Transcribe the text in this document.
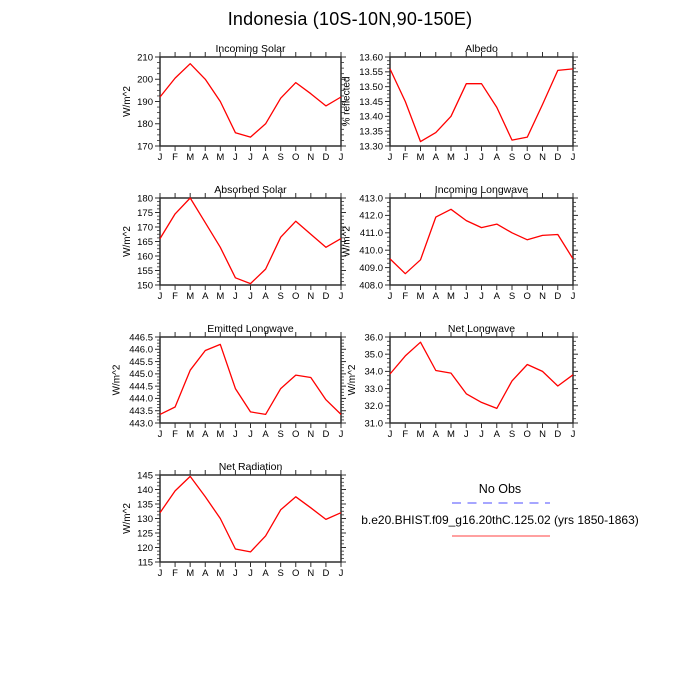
Indonesia (10S-10N,90-150E)
J F M A M J J A S O N D J
170
180
190
200
210
Incoming Solar
W/m^2
J F M A M J J A S O N D J
13.30
13.35
13.40
13.45
13.50
13.55
13.60
Albedo
% reflected
J F M A M J J A S O N D J
150
155
160
165
170
175
180
Absorbed Solar
W/m^2
J F M A M J J A S O N D J
408.0
409.0
410.0
411.0
412.0
413.0
Incoming Longwave
W/m^2
J F M A M J J A S O N D J
443.0
443.5
444.0
444.5
445.0
445.5
446.0
446.5
Emitted Longwave
W/m^2
J F M A M J J A S O N D J
31.0
32.0
33.0
34.0
35.0
36.0
Net Longwave
W/m^2
J F M A M J J A S O N D J
115
120
125
130
135
140
145
Net Radiation
W/m^2
No Obs
b.e20.BHIST.f09_g16.20thC.125.02 (yrs 1850-1863)
